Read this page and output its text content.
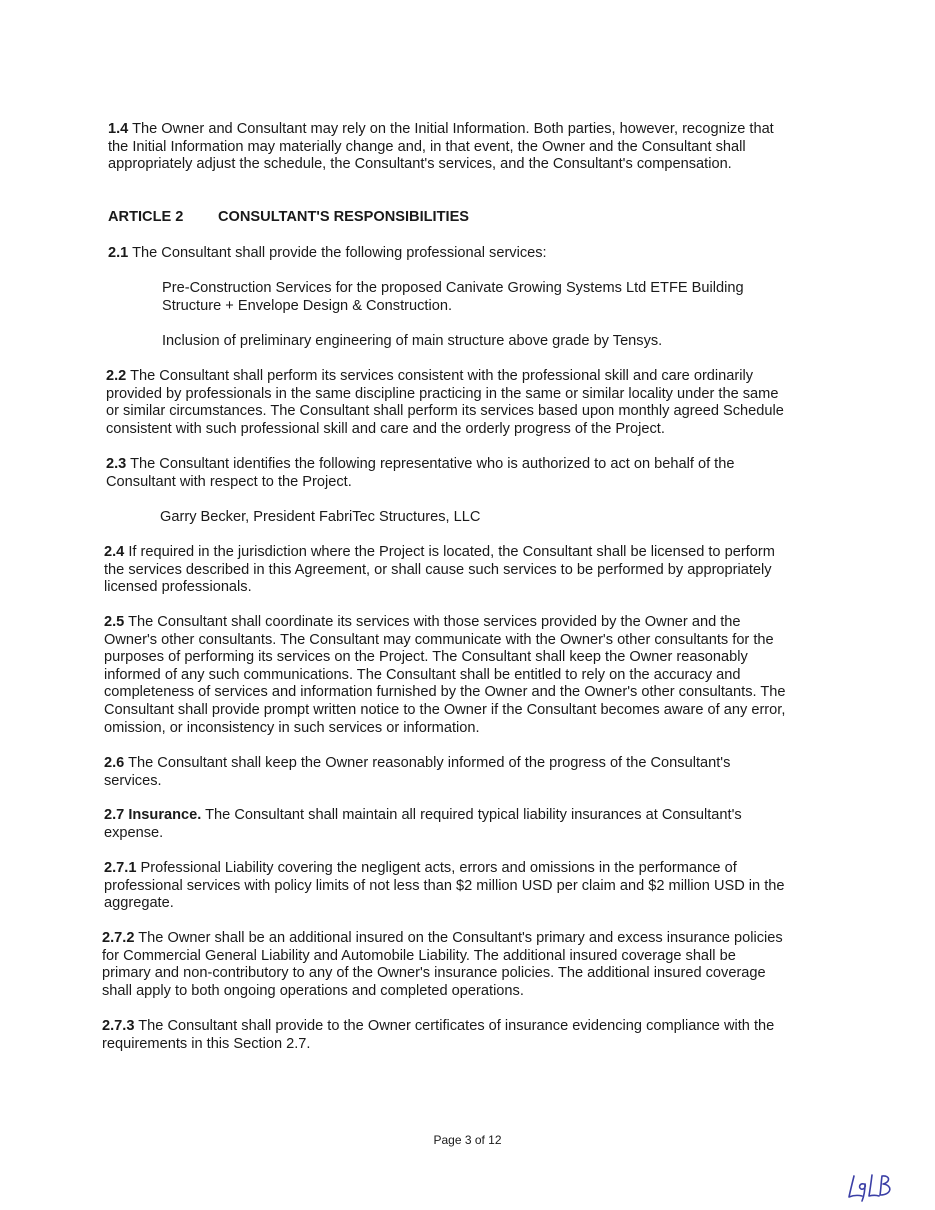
1.4 The Owner and Consultant may rely on the Initial Information. Both parties, however, recognize that
the Initial Information may materially change and, in that event, the Owner and the Consultant shall
appropriately adjust the schedule, the Consultant's services, and the Consultant's compensation.

ARTICLE 2 CONSULTANT'S RESPONSIBILITIES

2.1 The Consultant shall provide the following professional services:

Pre-Construction Services for the proposed Canivate Growing Systems Ltd ETFE Building
Structure + Envelope Design & Construction.

Inclusion of preliminary engineering of main structure above grade by Tensys.

2.2 The Consultant shall perform its services consistent with the professional skill and care ordinarily
provided by professionals in the same discipline practicing in the same or similar locality under the same
or similar circumstances. The Consultant shall perform its services based upon monthly agreed Schedule
consistent with such professional skill and care and the orderly progress of the Project.

2.3 The Consultant identifies the following representative who is authorized to act on behalf of the
Consultant with respect to the Project.

Garry Becker, President FabriTec Structures, LLC

2.4 If required in the jurisdiction where the Project is located, the Consultant shall be licensed to perform
the services described in this Agreement, or shall cause such services to be performed by appropriately
licensed professionals.

2.5 The Consultant shall coordinate its services with those services provided by the Owner and the
Owner's other consultants. The Consultant may communicate with the Owner's other consultants for the
purposes of performing its services on the Project. The Consultant shall keep the Owner reasonably
informed of any such communications. The Consultant shall be entitled to rely on the accuracy and
completeness of services and information furnished by the Owner and the Owner's other consultants. The
Consultant shall provide prompt written notice to the Owner if the Consultant becomes aware of any error,
omission, or inconsistency in such services or information.

2.6 The Consultant shall keep the Owner reasonably informed of the progress of the Consultant's
services.

2.7 Insurance. The Consultant shall maintain all required typical liability insurances at Consultant's
expense.

2.7.1 Professional Liability covering the negligent acts, errors and omissions in the performance of
professional services with policy limits of not less than $2 million USD per claim and $2 million USD in the
aggregate.

2.7.2 The Owner shall be an additional insured on the Consultant's primary and excess insurance policies
for Commercial General Liability and Automobile Liability. The additional insured coverage shall be
primary and non-contributory to any of the Owner's insurance policies. The additional insured coverage
shall apply to both ongoing operations and completed operations.

2.7.3 The Consultant shall provide to the Owner certificates of insurance evidencing compliance with the
requirements in this Section 2.7.

Page 3 of 12
